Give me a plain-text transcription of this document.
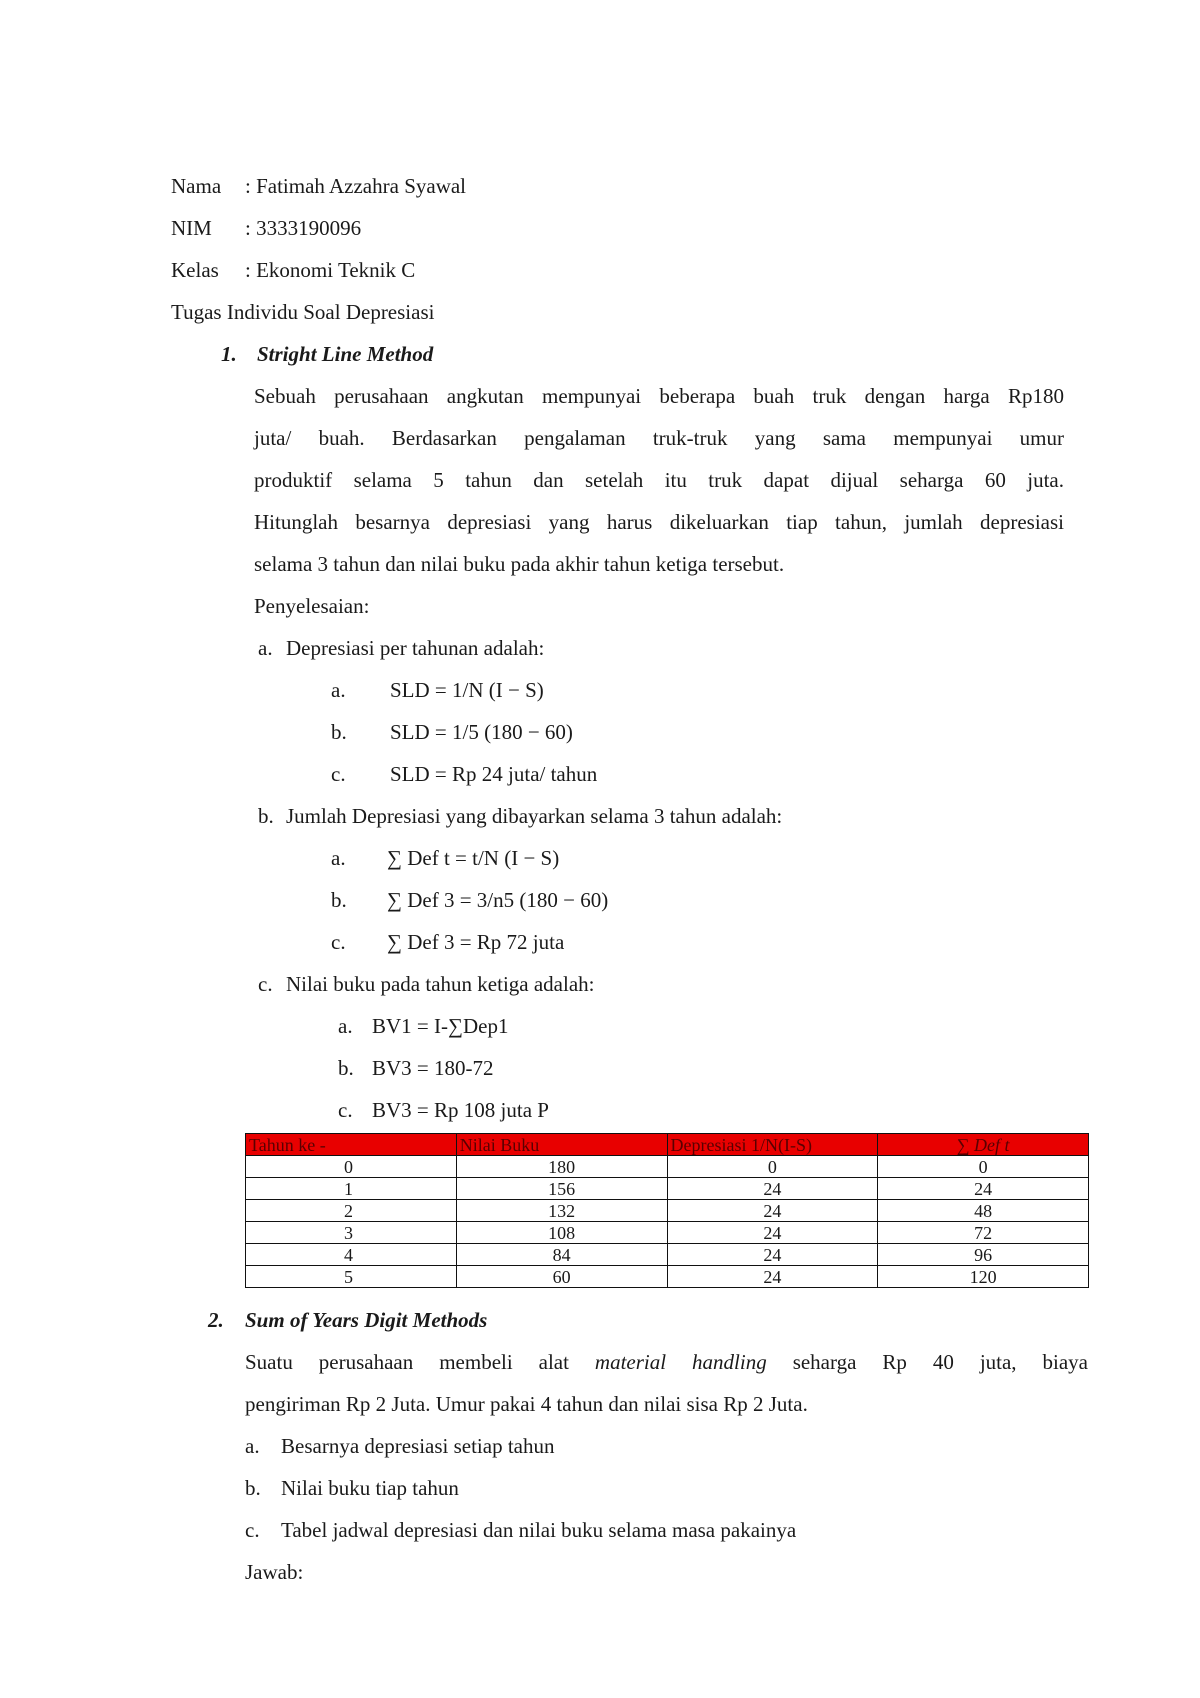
Nama : Fatimah Azzahra Syawal
NIM : 3333190096
Kelas : Ekonomi Teknik C
Tugas Individu Soal Depresiasi
1. Stright Line Method
Sebuah perusahaan angkutan mempunyai beberapa buah truk dengan harga Rp180
juta/ buah. Berdasarkan pengalaman truk-truk yang sama mempunyai umur
produktif selama 5 tahun dan setelah itu truk dapat dijual seharga 60 juta.
Hitunglah besarnya depresiasi yang harus dikeluarkan tiap tahun, jumlah depresiasi
selama 3 tahun dan nilai buku pada akhir tahun ketiga tersebut.
Penyelesaian:
a. Depresiasi per tahunan adalah:
a. SLD = 1/N (I − S)
b. SLD = 1/5 (180 − 60)
c. SLD = Rp 24 juta/ tahun
b. Jumlah Depresiasi yang dibayarkan selama 3 tahun adalah:
a. ∑ Def t = t/N (I − S)
b. ∑ Def 3 = 3/n5 (180 − 60)
c. ∑ Def 3 = Rp 72 juta
c. Nilai buku pada tahun ketiga adalah:
a. BV1 = I-∑Dep1
b. BV3 = 180-72
c. BV3 = Rp 108 juta P
Tahun ke -	Nilai Buku	Depresiasi 1/N(I-S)	∑ Def t
0	180	0	0
1	156	24	24
2	132	24	48
3	108	24	72
4	84	24	96
5	60	24	120
2. Sum of Years Digit Methods
Suatu perusahaan membeli alat material handling seharga Rp 40 juta, biaya
pengiriman Rp 2 Juta. Umur pakai 4 tahun dan nilai sisa Rp 2 Juta.
a. Besarnya depresiasi setiap tahun
b. Nilai buku tiap tahun
c. Tabel jadwal depresiasi dan nilai buku selama masa pakainya
Jawab:
